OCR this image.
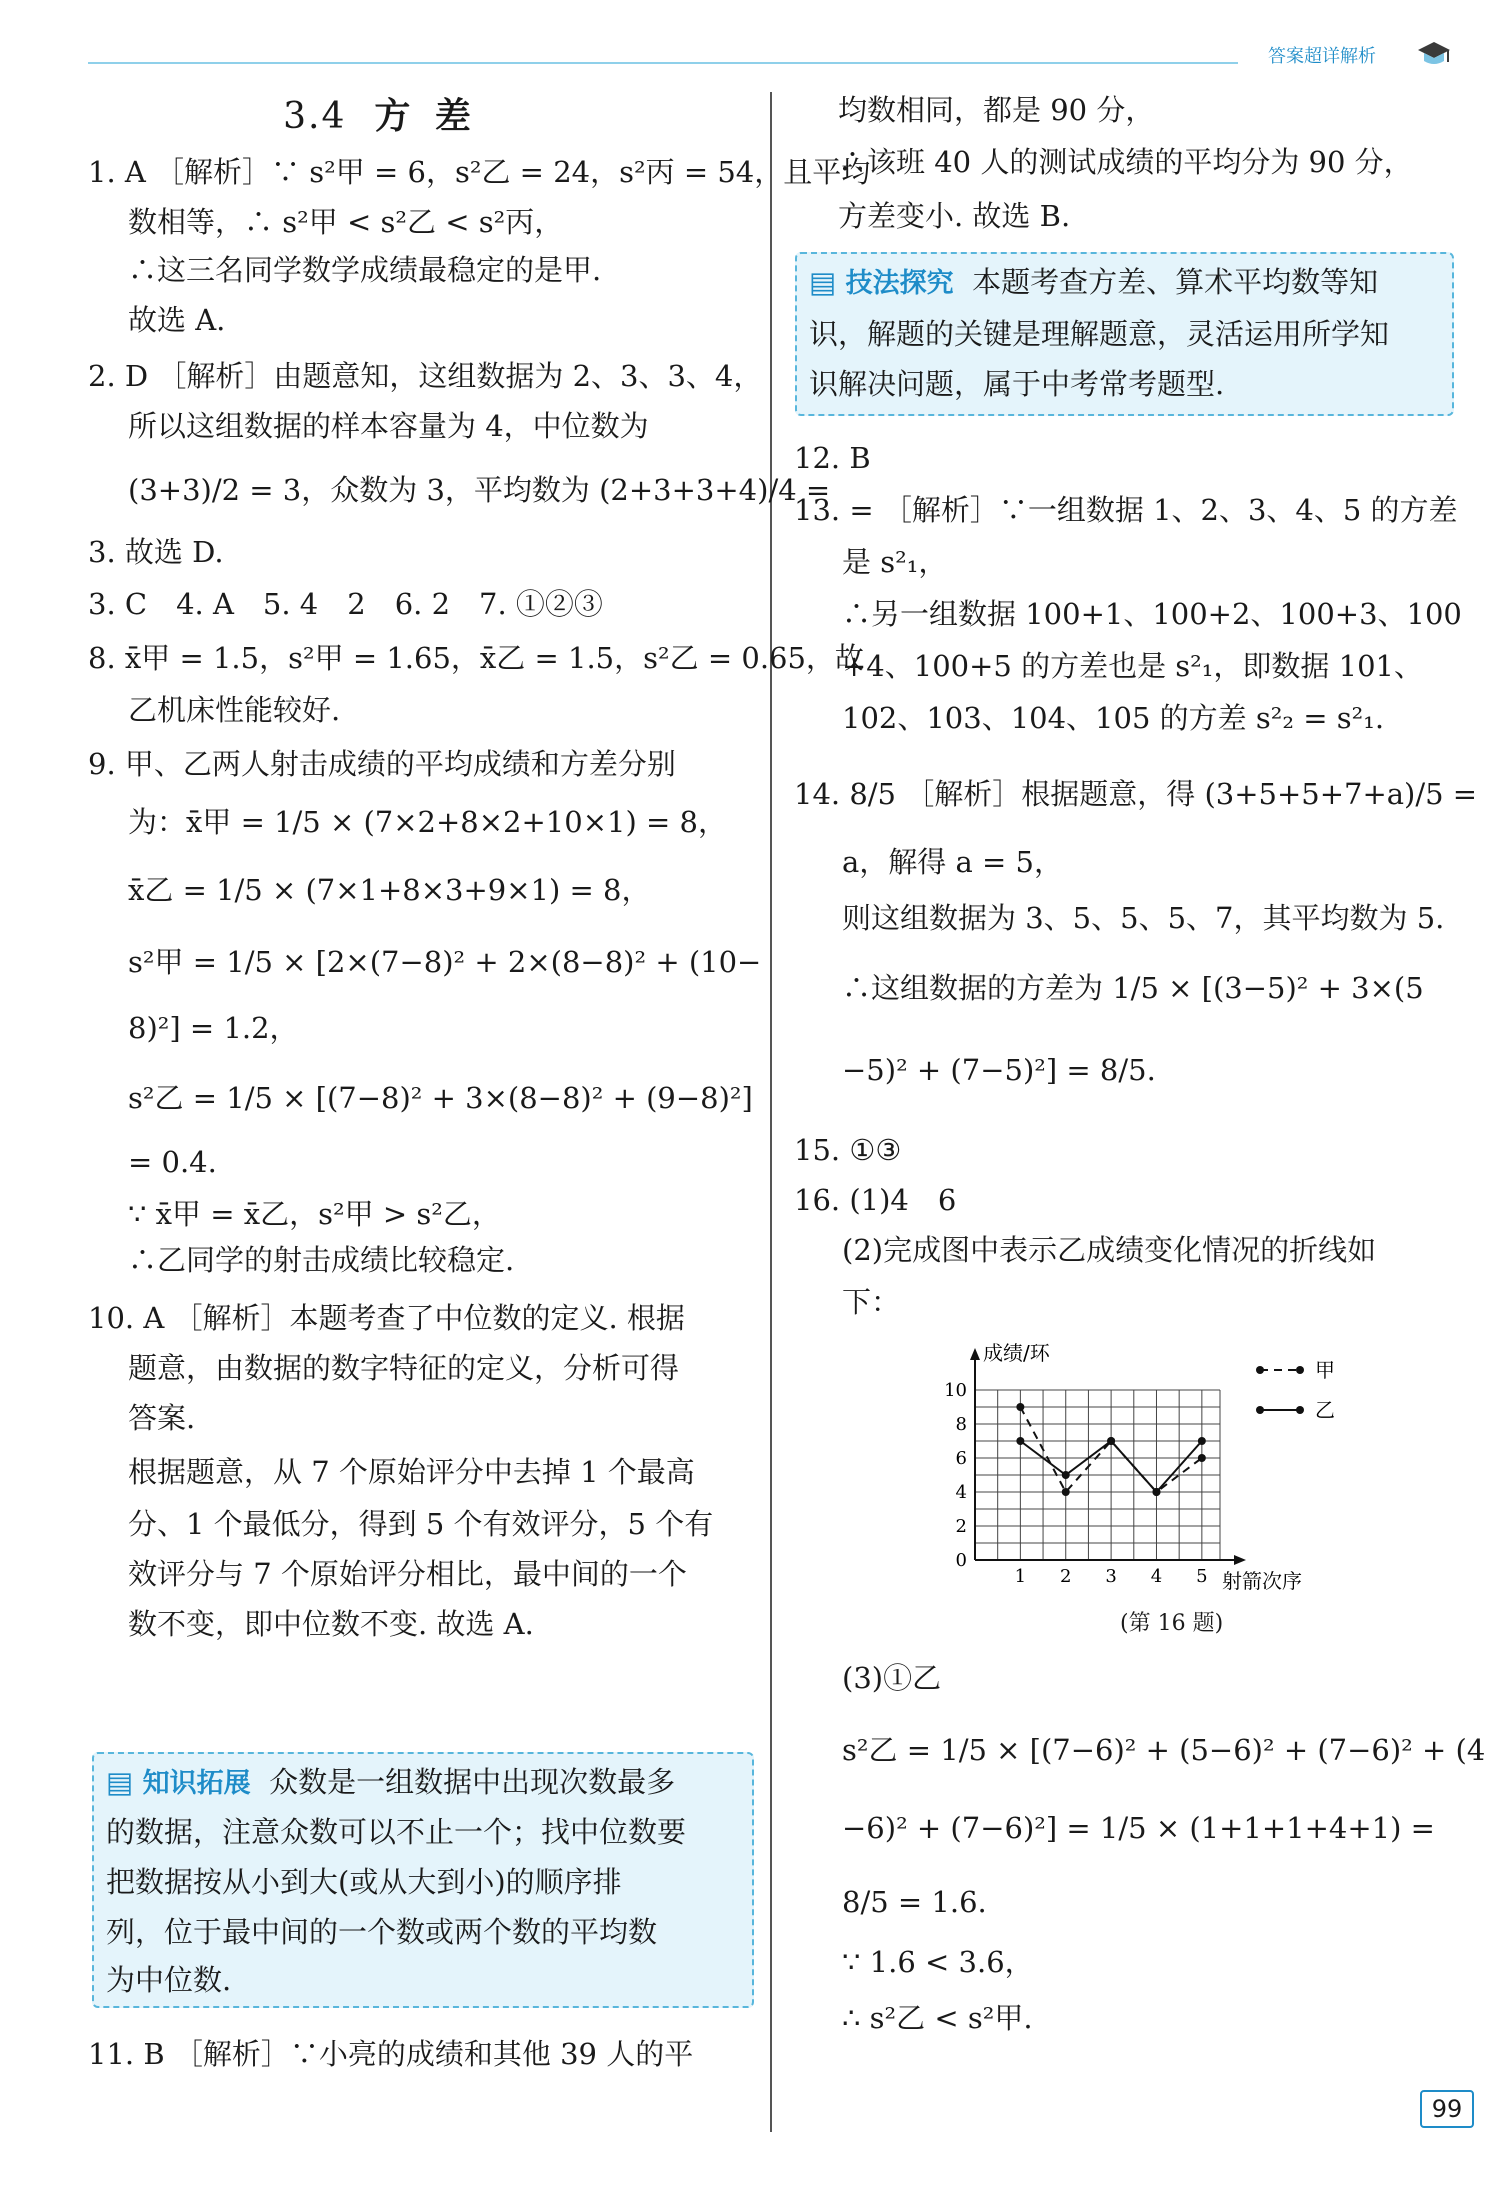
答案超详解析
3.4 方 差
1. A ［解析］∵ s²甲 = 6，s²乙 = 24，s²丙 = 54，且平均
数相等，∴ s²甲 < s²乙 < s²丙，
∴这三名同学数学成绩最稳定的是甲.
故选 A.
2. D ［解析］由题意知，这组数据为 2、3、3、4，
所以这组数据的样本容量为 4，中位数为
(3+3)/2 = 3，众数为 3，平均数为 (2+3+3+4)/4 =
3. 故选 D.
3. C　4. A　5. 4　2　6. 2　7. ①②③
8. x̄甲 = 1.5，s²甲 = 1.65，x̄乙 = 1.5，s²乙 = 0.65，故
乙机床性能较好.
9. 甲、乙两人射击成绩的平均成绩和方差分别
为：x̄甲 = 1/5 × (7×2+8×2+10×1) = 8，
x̄乙 = 1/5 × (7×1+8×3+9×1) = 8，
s²甲 = 1/5 × [2×(7−8)² + 2×(8−8)² + (10−
8)²] = 1.2，
s²乙 = 1/5 × [(7−8)² + 3×(8−8)² + (9−8)²]
= 0.4.
∵ x̄甲 = x̄乙，s²甲 > s²乙，
∴乙同学的射击成绩比较稳定.
10. A ［解析］本题考查了中位数的定义. 根据
题意，由数据的数字特征的定义，分析可得
答案.
根据题意，从 7 个原始评分中去掉 1 个最高
分、1 个最低分，得到 5 个有效评分，5 个有
效评分与 7 个原始评分相比，最中间的一个
数不变，即中位数不变. 故选 A.
▤ 知识拓展 众数是一组数据中出现次数最多
的数据，注意众数可以不止一个；找中位数要
把数据按从小到大(或从大到小)的顺序排
列，位于最中间的一个数或两个数的平均数
为中位数.
11. B ［解析］∵小亮的成绩和其他 39 人的平
均数相同，都是 90 分，
∴该班 40 人的测试成绩的平均分为 90 分，
方差变小. 故选 B.
▤ 技法探究 本题考查方差、算术平均数等知
识，解题的关键是理解题意，灵活运用所学知
识解决问题，属于中考常考题型.
12. B
13. = ［解析］∵一组数据 1、2、3、4、5 的方差
是 s²₁，
∴另一组数据 100+1、100+2、100+3、100
+4、100+5 的方差也是 s²₁，即数据 101、
102、103、104、105 的方差 s²₂ = s²₁.
14. 8/5 ［解析］根据题意，得 (3+5+5+7+a)/5 =
a，解得 a = 5，
则这组数据为 3、5、5、5、7，其平均数为 5.
∴这组数据的方差为 1/5 × [(3−5)² + 3×(5
−5)² + (7−5)²] = 8/5.
15. ①③
16. (1)4　6
(2)完成图中表示乙成绩变化情况的折线如
下：
0
2
4
6
8
10
1 2 3 4 5
成绩/环
射箭次序
甲
乙
(第 16 题)
(3)①乙
s²乙 = 1/5 × [(7−6)² + (5−6)² + (7−6)² + (4
−6)² + (7−6)²] = 1/5 × (1+1+1+4+1) =
8/5 = 1.6.
∵ 1.6 < 3.6，
∴ s²乙 < s²甲.
99
